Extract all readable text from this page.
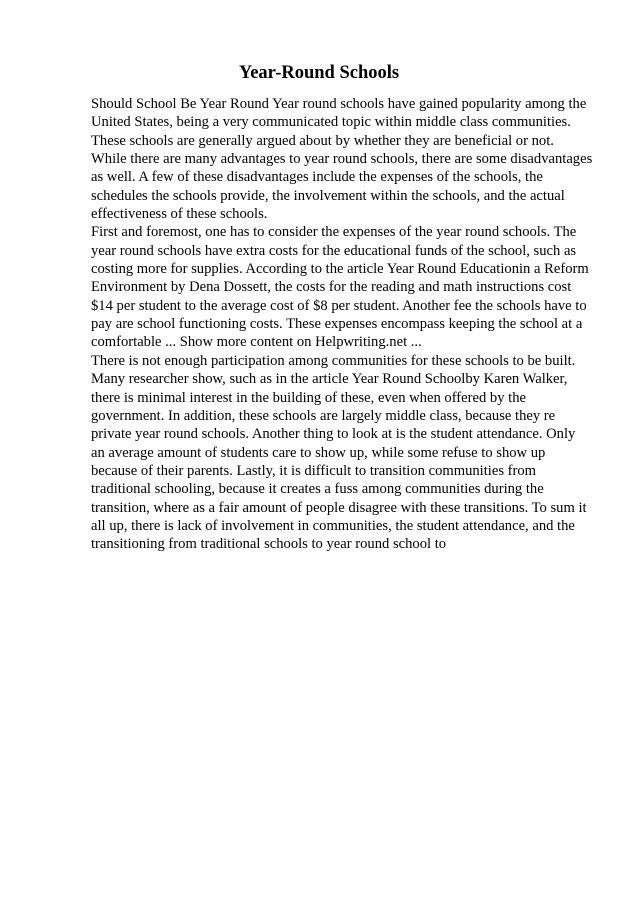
Year-Round Schools
Should School Be Year Round Year round schools have gained popularity among the
United States, being a very communicated topic within middle class communities.
These schools are generally argued about by whether they are beneficial or not.
While there are many advantages to year round schools, there are some disadvantages
as well. A few of these disadvantages include the expenses of the schools, the
schedules the schools provide, the involvement within the schools, and the actual
effectiveness of these schools.
First and foremost, one has to consider the expenses of the year round schools. The
year round schools have extra costs for the educational funds of the school, such as
costing more for supplies. According to the article Year Round Educationin a Reform
Environment by Dena Dossett, the costs for the reading and math instructions cost
$14 per student to the average cost of $8 per student. Another fee the schools have to
pay are school functioning costs. These expenses encompass keeping the school at a
comfortable ... Show more content on Helpwriting.net ...
There is not enough participation among communities for these schools to be built.
Many researcher show, such as in the article Year Round Schoolby Karen Walker,
there is minimal interest in the building of these, even when offered by the
government. In addition, these schools are largely middle class, because they re
private year round schools. Another thing to look at is the student attendance. Only
an average amount of students care to show up, while some refuse to show up
because of their parents. Lastly, it is difficult to transition communities from
traditional schooling, because it creates a fuss among communities during the
transition, where as a fair amount of people disagree with these transitions. To sum it
all up, there is lack of involvement in communities, the student attendance, and the
transitioning from traditional schools to year round school to
